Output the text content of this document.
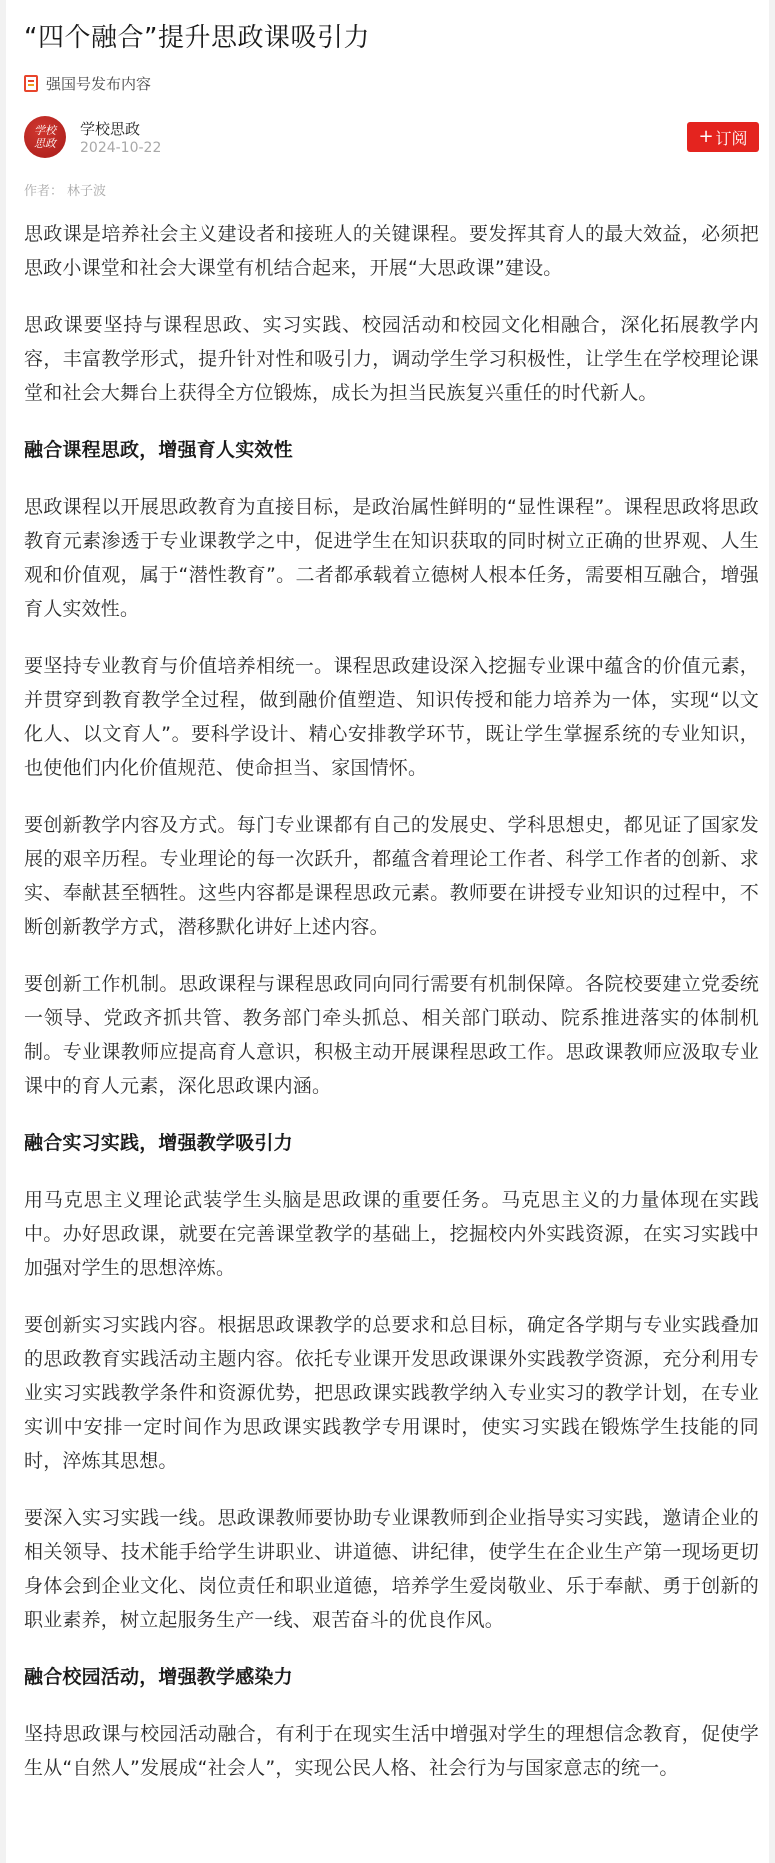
“四个融合”提升思政课吸引力
强国号发布内容
学校思政
学校思政
2024-10-22
+ 订阅
作者： 林子波

思政课是培养社会主义建设者和接班人的关键课程。要发挥其育人的最大效益，必须把思政小课堂和社会大课堂有机结合起来，开展“大思政课”建设。

思政课要坚持与课程思政、实习实践、校园活动和校园文化相融合，深化拓展教学内容，丰富教学形式，提升针对性和吸引力，调动学生学习积极性，让学生在学校理论课堂和社会大舞台上获得全方位锻炼，成长为担当民族复兴重任的时代新人。

融合课程思政，增强育人实效性

思政课程以开展思政教育为直接目标，是政治属性鲜明的“显性课程”。课程思政将思政教育元素渗透于专业课教学之中，促进学生在知识获取的同时树立正确的世界观、人生观和价值观，属于“潜性教育”。二者都承载着立德树人根本任务，需要相互融合，增强育人实效性。

要坚持专业教育与价值培养相统一。课程思政建设深入挖掘专业课中蕴含的价值元素，并贯穿到教育教学全过程，做到融价值塑造、知识传授和能力培养为一体，实现“以文化人、以文育人”。要科学设计、精心安排教学环节，既让学生掌握系统的专业知识，也使他们内化价值规范、使命担当、家国情怀。

要创新教学内容及方式。每门专业课都有自己的发展史、学科思想史，都见证了国家发展的艰辛历程。专业理论的每一次跃升，都蕴含着理论工作者、科学工作者的创新、求实、奉献甚至牺牲。这些内容都是课程思政元素。教师要在讲授专业知识的过程中，不断创新教学方式，潜移默化讲好上述内容。

要创新工作机制。思政课程与课程思政同向同行需要有机制保障。各院校要建立党委统一领导、党政齐抓共管、教务部门牵头抓总、相关部门联动、院系推进落实的体制机制。专业课教师应提高育人意识，积极主动开展课程思政工作。思政课教师应汲取专业课中的育人元素，深化思政课内涵。

融合实习实践，增强教学吸引力

用马克思主义理论武装学生头脑是思政课的重要任务。马克思主义的力量体现在实践中。办好思政课，就要在完善课堂教学的基础上，挖掘校内外实践资源，在实习实践中加强对学生的思想淬炼。

要创新实习实践内容。根据思政课教学的总要求和总目标，确定各学期与专业实践叠加的思政教育实践活动主题内容。依托专业课开发思政课课外实践教学资源，充分利用专业实习实践教学条件和资源优势，把思政课实践教学纳入专业实习的教学计划，在专业实训中安排一定时间作为思政课实践教学专用课时，使实习实践在锻炼学生技能的同时，淬炼其思想。

要深入实习实践一线。思政课教师要协助专业课教师到企业指导实习实践，邀请企业的相关领导、技术能手给学生讲职业、讲道德、讲纪律，使学生在企业生产第一现场更切身体会到企业文化、岗位责任和职业道德，培养学生爱岗敬业、乐于奉献、勇于创新的职业素养，树立起服务生产一线、艰苦奋斗的优良作风。

融合校园活动，增强教学感染力

坚持思政课与校园活动融合，有利于在现实生活中增强对学生的理想信念教育，促使学生从“自然人”发展成“社会人”，实现公民人格、社会行为与国家意志的统一。
